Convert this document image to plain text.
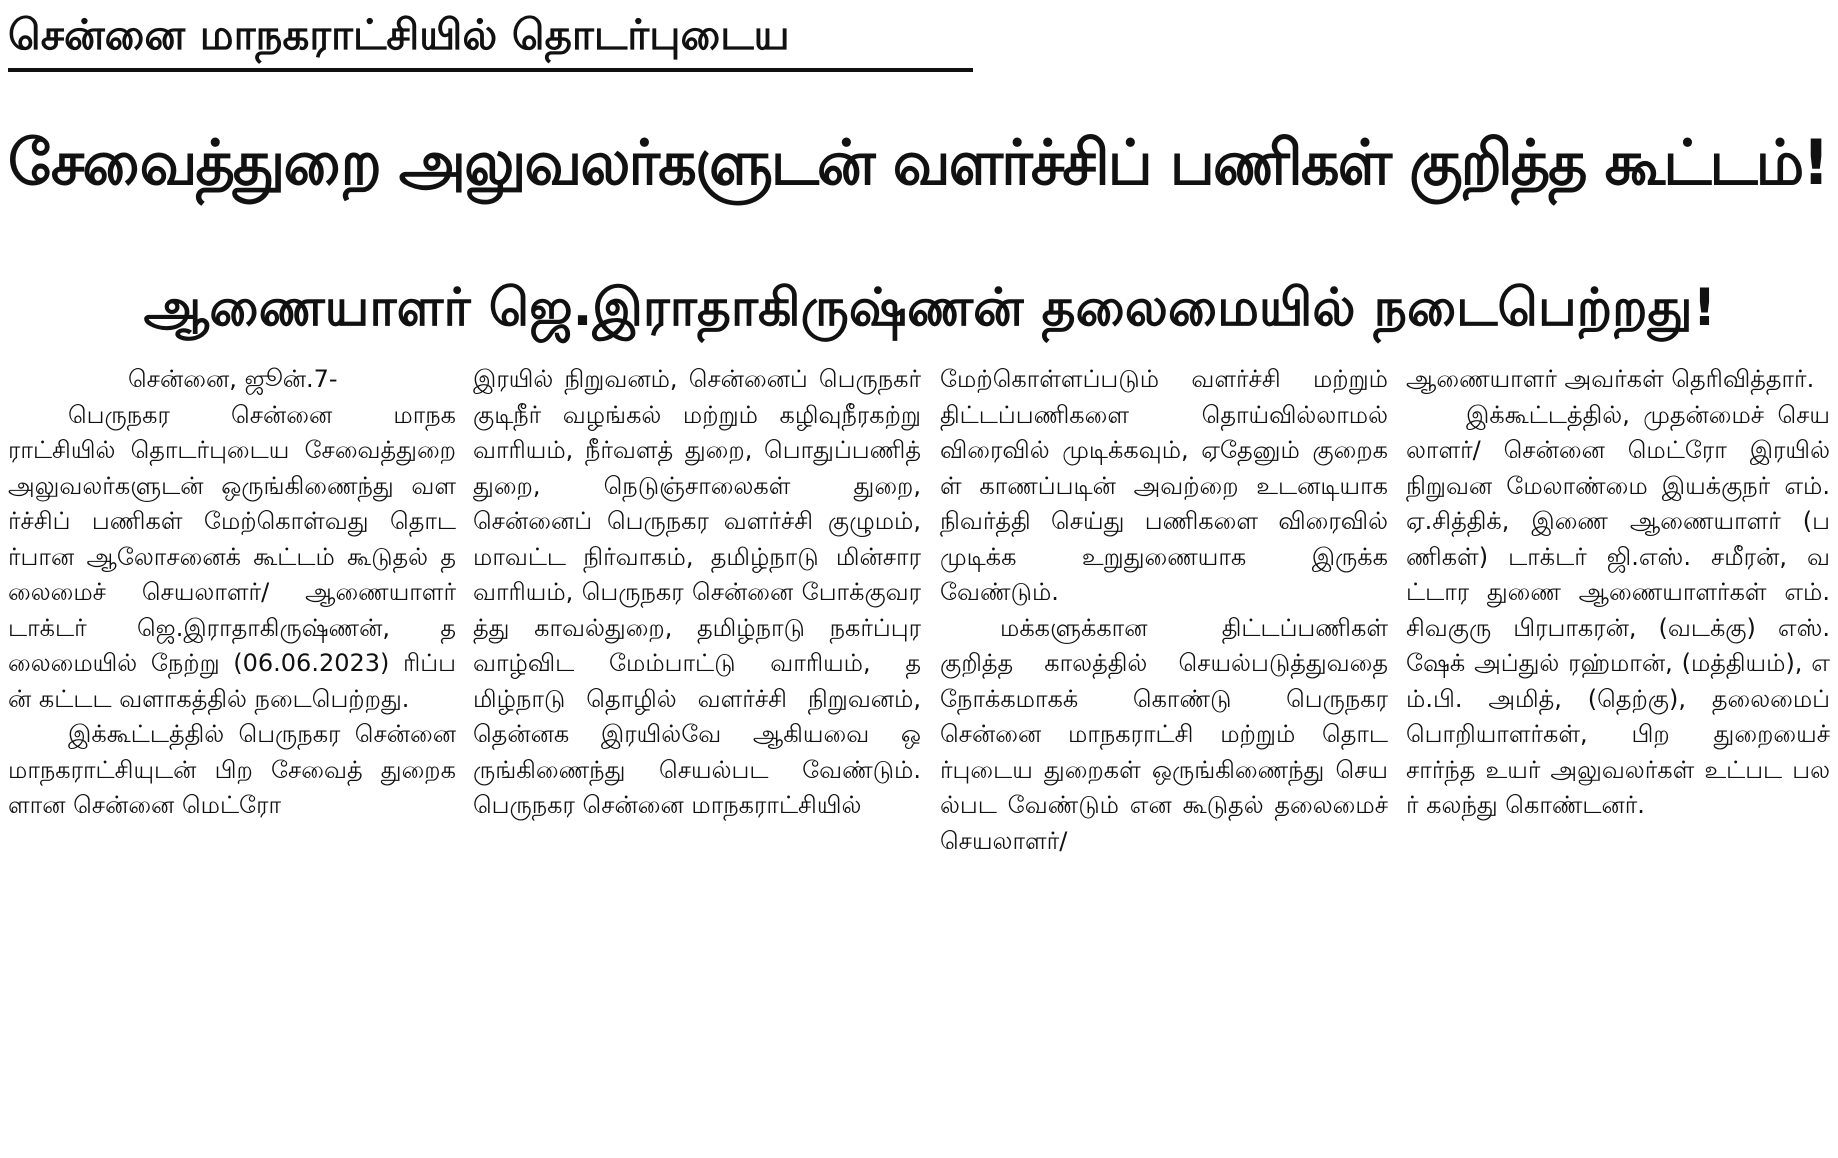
சென்னை மாநகராட்சியில் தொடர்புடைய
சேவைத்துறை அலுவலர்களுடன் வளர்ச்சிப் பணிகள் குறித்த கூட்டம்!
ஆணையாளர் ஜெ.இராதாகிருஷ்ணன் தலைமையில் நடைபெற்றது!

சென்னை, ஜூன்.7-

பெருநகர சென்னை மாநகராட்சியில் தொடர்புடைய சேவைத்துறை அலுவலர்களுடன் ஒருங்கிணைந்து வளர்ச்சிப் பணிகள் மேற்கொள்வது தொடர்பான ஆலோசனைக் கூட்டம் கூடுதல் தலைமைச் செயலாளர்/ ஆணையாளர் டாக்டர் ஜெ.இராதாகிருஷ்ணன், தலைமையில் நேற்று (06.06.2023) ரிப்பன் கட்டட வளாகத்தில் நடைபெற்றது.

இக்கூட்டத்தில் பெருநகர சென்னை மாநகராட்சியுடன் பிற சேவைத் துறைகளான சென்னை மெட்ரோ

இரயில் நிறுவனம், சென்னைப் பெருநகர் குடிநீர் வழங்கல் மற்றும் கழிவுநீரகற்று வாரியம், நீர்வளத் துறை, பொதுப்பணித் துறை, நெடுஞ்சாலைகள் துறை, சென்னைப் பெருநகர வளர்ச்சி குழுமம், மாவட்ட நிர்வாகம், தமிழ்நாடு மின்சார வாரியம், பெருநகர சென்னை போக்குவரத்து காவல்துறை, தமிழ்நாடு நகர்ப்புர வாழ்விட மேம்பாட்டு வாரியம், தமிழ்நாடு தொழில் வளர்ச்சி நிறுவனம், தென்னக இரயில்வே ஆகியவை ஒருங்கிணைந்து செயல்பட வேண்டும். பெருநகர சென்னை மாநகராட்சியில்

மேற்கொள்ளப்படும் வளர்ச்சி மற்றும் திட்டப்பணிகளை தொய்வில்லாமல் விரைவில் முடிக்கவும், ஏதேனும் குறைகள் காணப்படின் அவற்றை உடனடியாக நிவர்த்தி செய்து பணிகளை விரைவில் முடிக்க உறுதுணையாக இருக்க வேண்டும்.

மக்களுக்கான திட்டப்பணிகள் குறித்த காலத்தில் செயல்படுத்துவதை நோக்கமாகக் கொண்டு பெருநகர சென்னை மாநகராட்சி மற்றும் தொடர்புடைய துறைகள் ஒருங்கிணைந்து செயல்பட வேண்டும் என கூடுதல் தலைமைச் செயலாளர்/

ஆணையாளர் அவர்கள் தெரிவித்தார்.

இக்கூட்டத்தில், முதன்மைச் செயலாளர்/ சென்னை மெட்ரோ இரயில் நிறுவன மேலாண்மை இயக்குநர் எம்.ஏ.சித்திக், இணை ஆணையாளர் (பணிகள்) டாக்டர் ஜி.எஸ். சமீரன், வட்டார துணை ஆணையாளர்கள் எம்.சிவகுரு பிரபாகரன், (வடக்கு) எஸ்.ஷேக் அப்துல் ரஹ்மான், (மத்தியம்), எம்.பி. அமித், (தெற்கு), தலைமைப் பொறியாளர்கள், பிற துறையைச் சார்ந்த உயர் அலுவலர்கள் உட்பட பலர் கலந்து கொண்டனர்.
